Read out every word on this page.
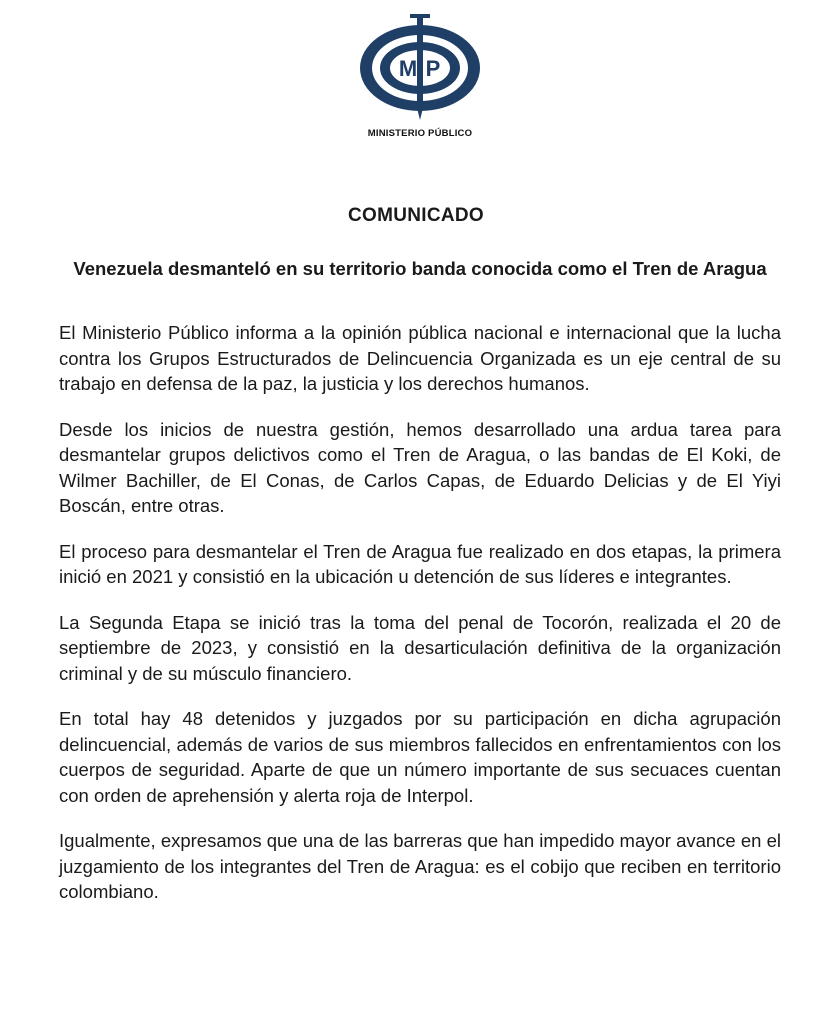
M P
MINISTERIO PÚBLICO
COMUNICADO
Venezuela desmanteló en su territorio banda conocida como el Tren de Aragua

El Ministerio Público informa a la opinión pública nacional e internacional que la lucha contra los Grupos Estructurados de Delincuencia Organizada es un eje central de su trabajo en defensa de la paz, la justicia y los derechos humanos.

Desde los inicios de nuestra gestión, hemos desarrollado una ardua tarea para desmantelar grupos delictivos como el Tren de Aragua, o las bandas de El Koki, de Wilmer Bachiller, de El Conas, de Carlos Capas, de Eduardo Delicias y de El Yiyi Boscán, entre otras.

El proceso para desmantelar el Tren de Aragua fue realizado en dos etapas, la primera inició en 2021 y consistió en la ubicación u detención de sus líderes e integrantes.

La Segunda Etapa se inició tras la toma del penal de Tocorón, realizada el 20 de septiembre de 2023, y consistió en la desarticulación definitiva de la organización criminal y de su músculo financiero.

En total hay 48 detenidos y juzgados por su participación en dicha agrupación delincuencial, además de varios de sus miembros fallecidos en enfrentamientos con los cuerpos de seguridad. Aparte de que un número importante de sus secuaces cuentan con orden de aprehensión y alerta roja de Interpol.

Igualmente, expresamos que una de las barreras que han impedido mayor avance en el juzgamiento de los integrantes del Tren de Aragua: es el cobijo que reciben en territorio colombiano.
